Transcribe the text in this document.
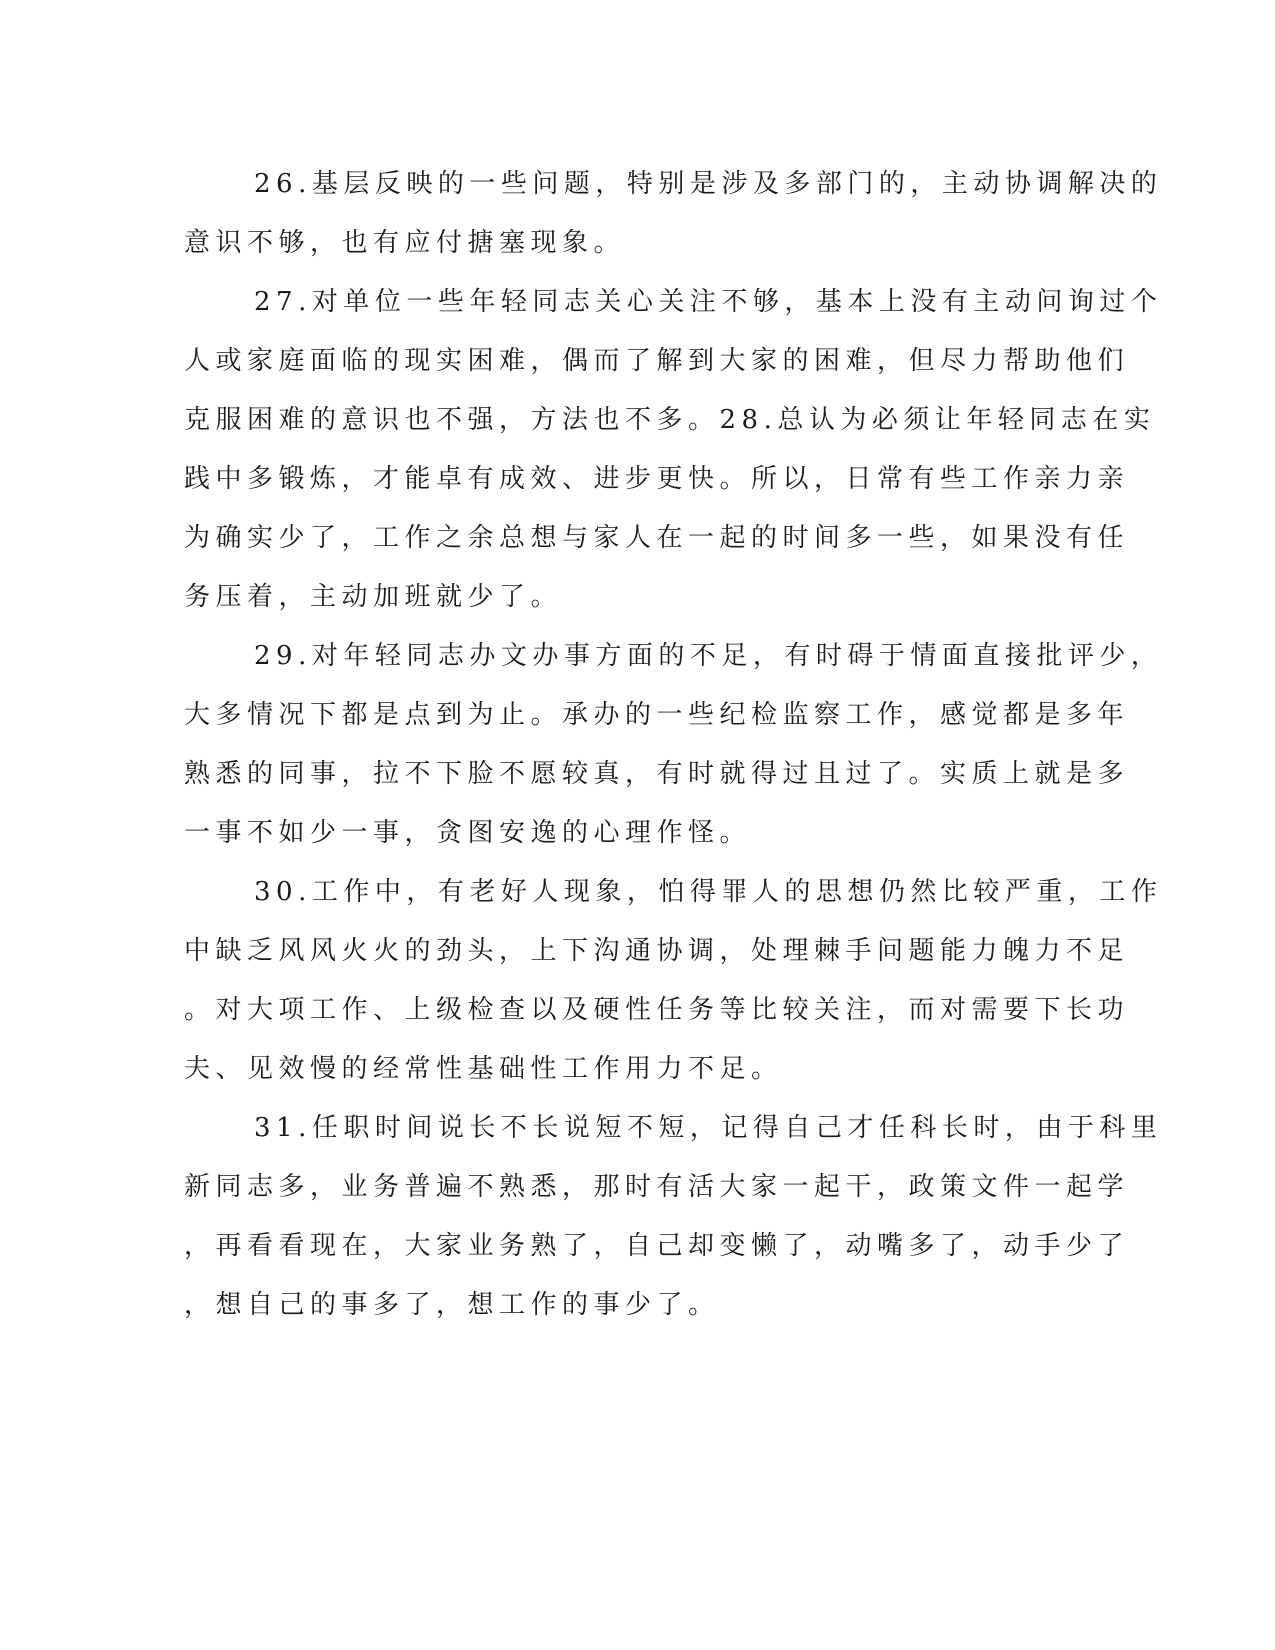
26.基层反映的一些问题，特别是涉及多部门的，主动协调解决的
意识不够，也有应付搪塞现象。

27.对单位一些年轻同志关心关注不够，基本上没有主动问询过个
人或家庭面临的现实困难，偶而了解到大家的困难，但尽力帮助他们
克服困难的意识也不强，方法也不多。28.总认为必须让年轻同志在实
践中多锻炼，才能卓有成效、进步更快。所以，日常有些工作亲力亲
为确实少了，工作之余总想与家人在一起的时间多一些，如果没有任
务压着，主动加班就少了。

29.对年轻同志办文办事方面的不足，有时碍于情面直接批评少，
大多情况下都是点到为止。承办的一些纪检监察工作，感觉都是多年
熟悉的同事，拉不下脸不愿较真，有时就得过且过了。实质上就是多
一事不如少一事，贪图安逸的心理作怪。

30.工作中，有老好人现象，怕得罪人的思想仍然比较严重，工作
中缺乏风风火火的劲头，上下沟通协调，处理棘手问题能力魄力不足
。对大项工作、上级检查以及硬性任务等比较关注，而对需要下长功
夫、见效慢的经常性基础性工作用力不足。

31.任职时间说长不长说短不短，记得自己才任科长时，由于科里
新同志多，业务普遍不熟悉，那时有活大家一起干，政策文件一起学
，再看看现在，大家业务熟了，自己却变懒了，动嘴多了，动手少了
，想自己的事多了，想工作的事少了。
